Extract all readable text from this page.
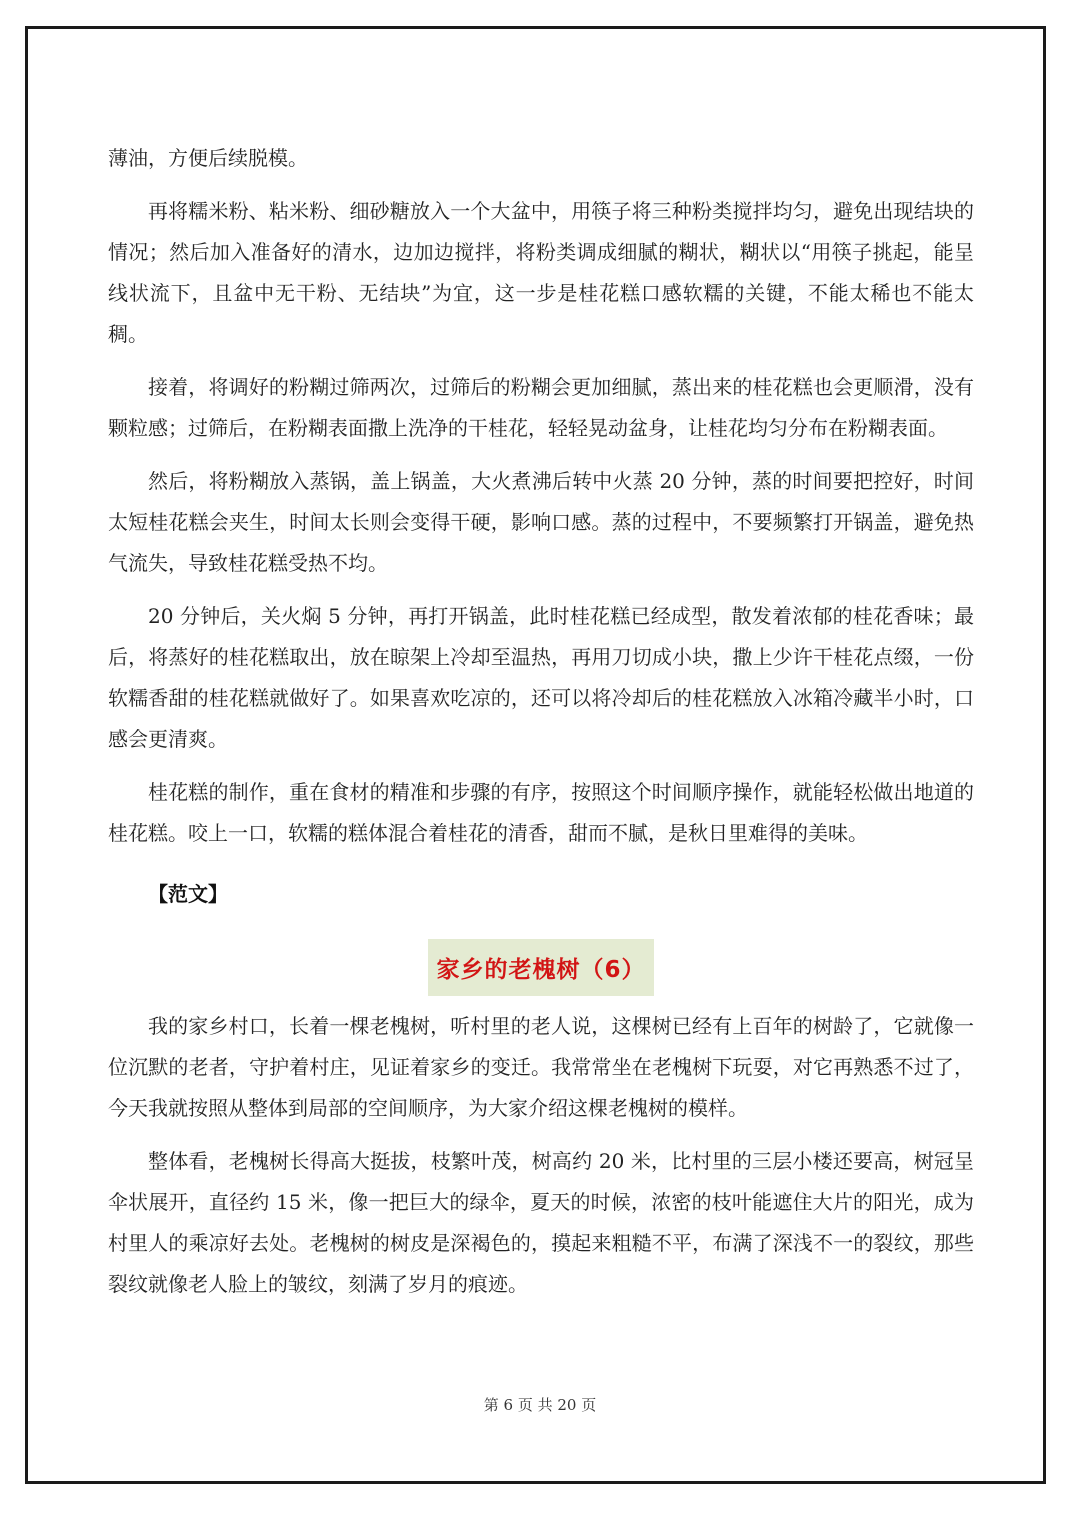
薄油，方便后续脱模。

再将糯米粉、粘米粉、细砂糖放入一个大盆中，用筷子将三种粉类搅拌均匀，避免出现结块的情况；然后加入准备好的清水，边加边搅拌，将粉类调成细腻的糊状，糊状以“用筷子挑起，能呈线状流下，且盆中无干粉、无结块”为宜，这一步是桂花糕口感软糯的关键，不能太稀也不能太稠。

接着，将调好的粉糊过筛两次，过筛后的粉糊会更加细腻，蒸出来的桂花糕也会更顺滑，没有颗粒感；过筛后，在粉糊表面撒上洗净的干桂花，轻轻晃动盆身，让桂花均匀分布在粉糊表面。

然后，将粉糊放入蒸锅，盖上锅盖，大火煮沸后转中火蒸 20 分钟，蒸的时间要把控好，时间太短桂花糕会夹生，时间太长则会变得干硬，影响口感。蒸的过程中，不要频繁打开锅盖，避免热气流失，导致桂花糕受热不均。

20 分钟后，关火焖 5 分钟，再打开锅盖，此时桂花糕已经成型，散发着浓郁的桂花香味；最后，将蒸好的桂花糕取出，放在晾架上冷却至温热，再用刀切成小块，撒上少许干桂花点缀，一份软糯香甜的桂花糕就做好了。如果喜欢吃凉的，还可以将冷却后的桂花糕放入冰箱冷藏半小时，口感会更清爽。

桂花糕的制作，重在食材的精准和步骤的有序，按照这个时间顺序操作，就能轻松做出地道的桂花糕。咬上一口，软糯的糕体混合着桂花的清香，甜而不腻，是秋日里难得的美味。

【范文】
家乡的老槐树（6）

我的家乡村口，长着一棵老槐树，听村里的老人说，这棵树已经有上百年的树龄了，它就像一位沉默的老者，守护着村庄，见证着家乡的变迁。我常常坐在老槐树下玩耍，对它再熟悉不过了，今天我就按照从整体到局部的空间顺序，为大家介绍这棵老槐树的模样。

整体看，老槐树长得高大挺拔，枝繁叶茂，树高约 20 米，比村里的三层小楼还要高，树冠呈伞状展开，直径约 15 米，像一把巨大的绿伞，夏天的时候，浓密的枝叶能遮住大片的阳光，成为村里人的乘凉好去处。老槐树的树皮是深褐色的，摸起来粗糙不平，布满了深浅不一的裂纹，那些裂纹就像老人脸上的皱纹，刻满了岁月的痕迹。

第 6 页 共 20 页
